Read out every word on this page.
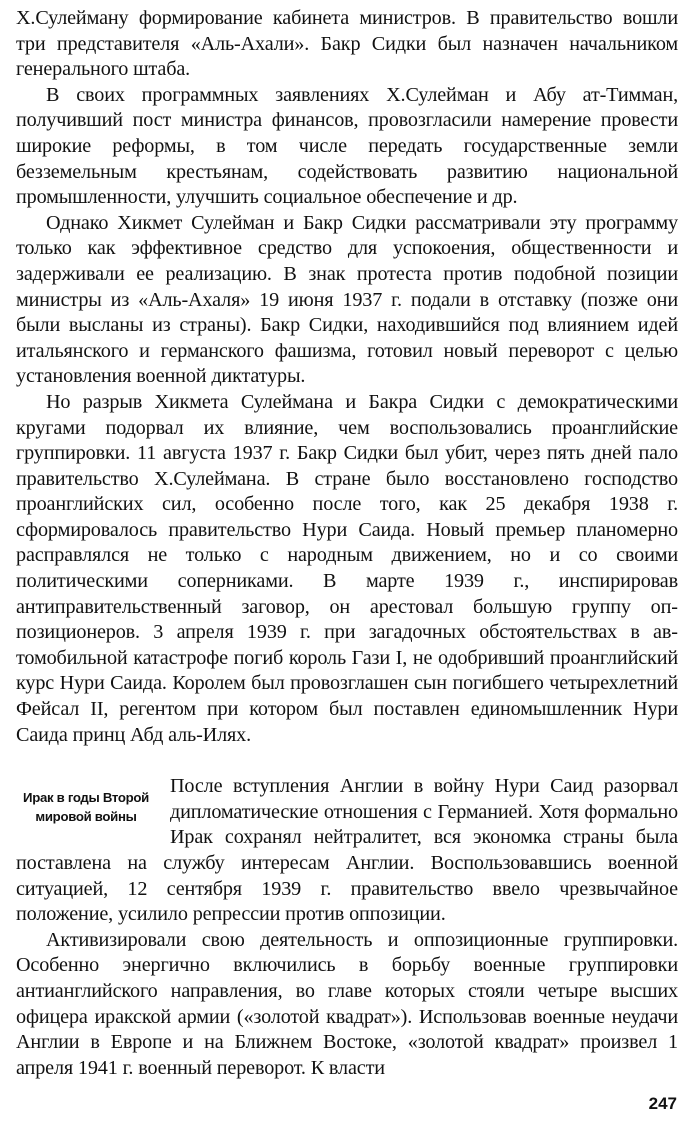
Х.Сулейману формирование кабинета министров. В правительство вошли три представителя «Аль-Ахали». Бакр Сидки был назначен начальником генерального штаба.

В своих программных заявлениях Х.Сулейман и Абу ат-Тимман, получивший пост министра финансов, провозгласили намерение провести широкие реформы, в том числе передать государственные земли безземельным крестьянам, содействовать развитию национальной промышленности, улучшить социальное обеспечение и др.

Однако Хикмет Сулейман и Бакр Сидки рассматривали эту программу только как эффективное средство для успокоения, общественности и задерживали ее реализацию. В знак протеста против подобной позиции министры из «Аль-Ахаля» 19 июня 1937 г. подали в отставку (позже они были высланы из страны). Бакр Сидки, находившийся под влиянием идей итальянского и германского фашизма, готовил новый переворот с целью установления военной диктатуры.

Но разрыв Хикмета Сулеймана и Бакра Сидки с демократическими кругами подорвал их влияние, чем воспользовались проанглийские группировки. 11 августа 1937 г. Бакр Сидки был убит, через пять дней пало правительство Х.Сулеймана. В стране было восстановлено господство проанглийских сил, особенно после того, как 25 декабря 1938 г. сформировалось правительство Нури Саида. Новый премьер планомерно расправлялся не только с народным движением, но и со своими политическими соперниками. В марте 1939 г., инспирировав антиправительственный заговор, он арестовал большую группу оппозиционеров. 3 апреля 1939 г. при загадочных обстоятельствах в автомобильной катастрофе погиб король Гази I, не одобривший проанглийский курс Нури Саида. Королем был провозглашен сын погибшего четырехлетний Фейсал II, регентом при котором был поставлен единомышленник Нури Саида принц Абд аль-Илях.

Ирак в годы Второй мировой войны

После вступления Англии в войну Нури Саид разорвал дипломатические отношения с Германией. Хотя формально Ирак сохранял нейтралитет, вся экономка страны была поставлена на службу интересам Англии. Воспользовавшись военной ситуацией, 12 сентября 1939 г. правительство ввело чрезвычайное положение, усилило репрессии против оппозиции.

Активизировали свою деятельность и оппозиционные группировки. Особенно энергично включились в борьбу военные группировки антианглийского направления, во главе которых стояли четыре высших офицера иракской армии («золотой квадрат»). Использовав военные неудачи Англии в Европе и на Ближнем Востоке, «золотой квадрат» произвел 1 апреля 1941 г. военный переворот. К власти

247
